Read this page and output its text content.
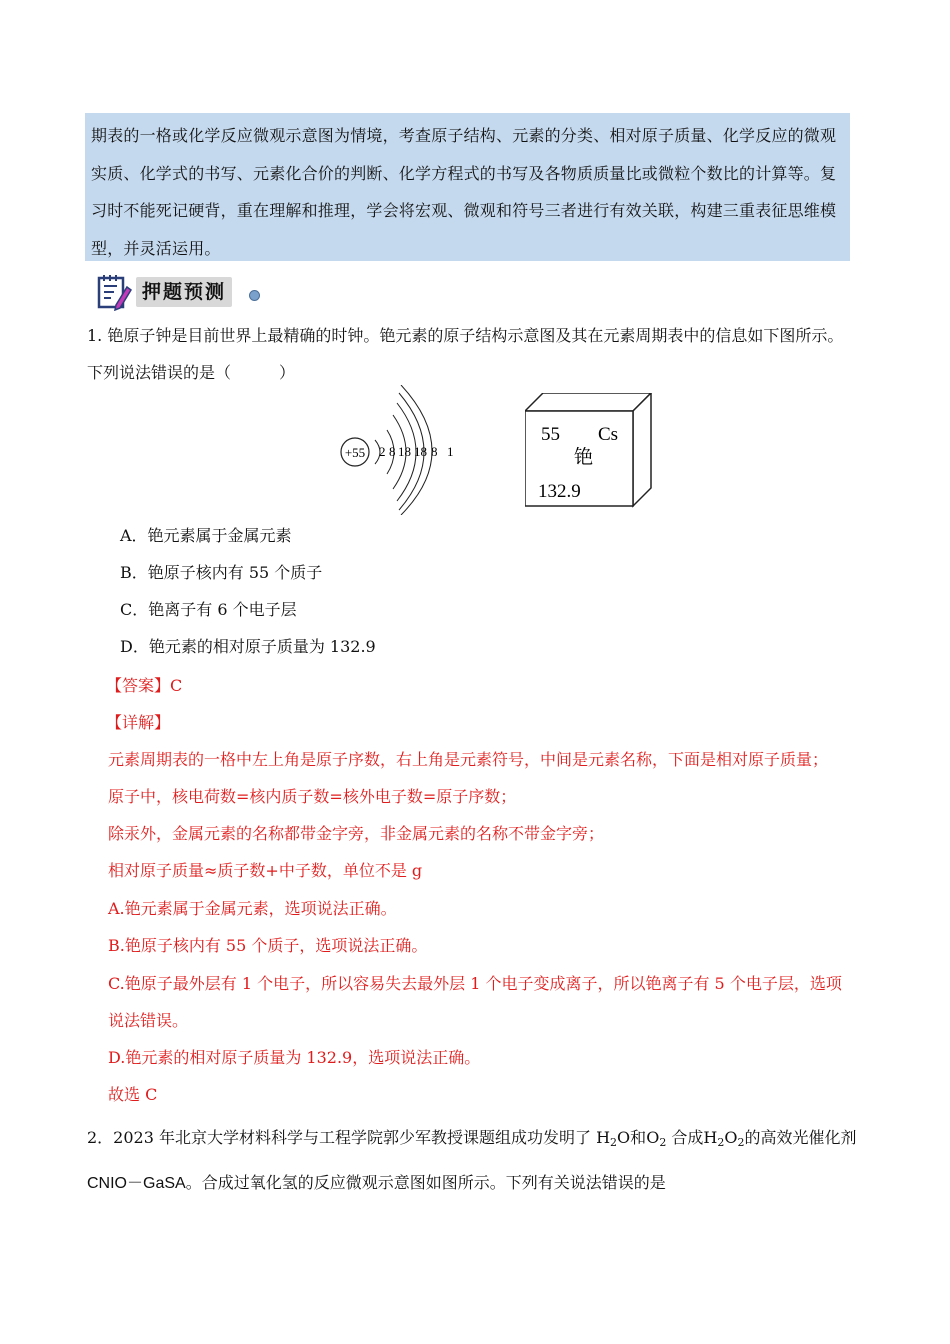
期表的一格或化学反应微观示意图为情境，考查原子结构、元素的分类、相对原子质量、化学反应的微观

实质、化学式的书写、元素化合价的判断、化学方程式的书写及各物质质量比或微粒个数比的计算等。复

习时不能死记硬背，重在理解和推理，学会将宏观、微观和符号三者进行有效关联，构建三重表征思维模

型，并灵活运用。

押题预测
1. 铯原子钟是目前世界上最精确的时钟。铯元素的原子结构示意图及其在元素周期表中的信息如下图所示。
下列说法错误的是（　　　）
+55 2 8 18 18 8 1
55 Cs
铯
132.9
A．铯元素属于金属元素
B．铯原子核内有 55 个质子
C．铯离子有 6 个电子层
D．铯元素的相对原子质量为 132.9
【答案】C
【详解】
元素周期表的一格中左上角是原子序数，右上角是元素符号，中间是元素名称，下面是相对原子质量；
原子中，核电荷数=核内质子数=核外电子数=原子序数；
除汞外，金属元素的名称都带金字旁，非金属元素的名称不带金字旁；
相对原子质量≈质子数+中子数，单位不是 g
A.铯元素属于金属元素，选项说法正确。
B.铯原子核内有 55 个质子，选项说法正确。
C.铯原子最外层有 1 个电子，所以容易失去最外层 1 个电子变成离子，所以铯离子有 5 个电子层，选项
说法错误。
D.铯元素的相对原子质量为 132.9，选项说法正确。
故选 C
2．2023 年北京大学材料科学与工程学院郭少军教授课题组成功发明了 $H_2O$和$O_2$ 合成$H_2O_2$的高效光催化剂
CNIO－GaSA。合成过氧化氢的反应微观示意图如图所示。下列有关说法错误的是
